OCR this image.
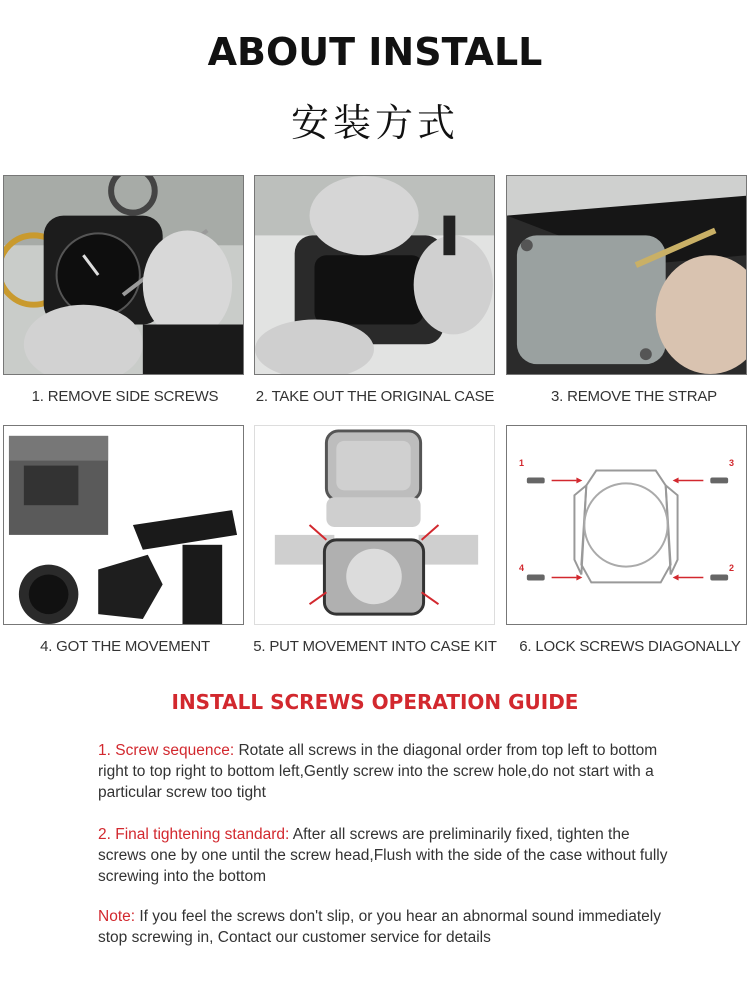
ABOUT INSTALL
安装方式
1. REMOVE SIDE SCREWS	2. TAKE OUT THE ORIGINAL CASE	3. REMOVE THE STRAP
1	3
4	2
4. GOT THE MOVEMENT	5. PUT MOVEMENT INTO CASE KIT	6. LOCK SCREWS DIAGONALLY
INSTALL SCREWS OPERATION GUIDE
1. Screw sequence: Rotate all screws in the diagonal order from top left to bottom right to top right to bottom left,Gently screw into the screw hole,do not start with a particular screw too tight
2. Final tightening standard: After all screws are preliminarily fixed, tighten the screws one by one until the screw head,Flush with the side of the case without fully screwing into the bottom
Note: If you feel the screws don't slip, or you hear an abnormal sound immediately stop screwing in, Contact our customer service for details
